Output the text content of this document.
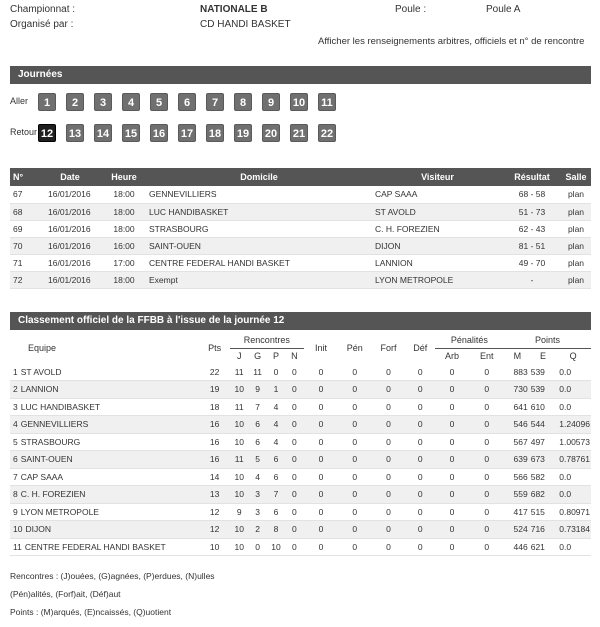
Championnat :	NATIONALE B	Poule :	Poule A
Organisé par :	CD HANDI BASKET
Afficher les renseignements arbitres, officiels et n° de rencontre
Journées
Aller	1	2	3	4	5	6	7	8	9	10 11
Retour 12 13 14 15 16 17 18 19 20 21 22
N°	Date	Heure	Domicile	Visiteur	Résultat	Salle
67	16/01/2016	18:00	GENNEVILLIERS	CAP SAAA	68 - 58	plan
68	16/01/2016	18:00	LUC HANDIBASKET	ST AVOLD	51 - 73	plan
69	16/01/2016	18:00	STRASBOURG	C. H. FOREZIEN	62 - 43	plan
70	16/01/2016	16:00	SAINT-OUEN	DIJON	81 - 51	plan
71	16/01/2016	17:00	CENTRE FEDERAL HANDI BASKET	LANNION	49 - 70	plan
72	16/01/2016	18:00	Exempt	LYON METROPOLE	-	plan
Classement officiel de la FFBB à l'issue de la journée 12
Equipe	Pts	Rencontres				Init	Pén	Forf	Déf	Pénalités		Points		
		J	G	P	N					Arb	Ent	M	E	Q
1 ST AVOLD	22	11	11	0	0	0	0	0	0	0	0	883	539	0.0
2 LANNION	19	10	9	1	0	0	0	0	0	0	0	730	539	0.0
3 LUC HANDIBASKET	18	11	7	4	0	0	0	0	0	0	0	641	610	0.0
4 GENNEVILLIERS	16	10	6	4	0	0	0	0	0	0	0	546	544	1.24096
5 STRASBOURG	16	10	6	4	0	0	0	0	0	0	0	567	497	1.00573
6 SAINT-OUEN	16	11	5	6	0	0	0	0	0	0	0	639	673	0.78761
7 CAP SAAA	14	10	4	6	0	0	0	0	0	0	0	566	582	0.0
8 C. H. FOREZIEN	13	10	3	7	0	0	0	0	0	0	0	559	682	0.0
9 LYON METROPOLE	12	9	3	6	0	0	0	0	0	0	0	417	515	0.80971
10 DIJON	12	10	2	8	0	0	0	0	0	0	0	524	716	0.73184
11 CENTRE FEDERAL HANDI BASKET	10	10	0	10	0	0	0	0	0	0	0	446	621	0.0
Rencontres : (J)ouées, (G)agnées, (P)erdues, (N)ulles
(Pén)alités, (Forf)ait, (Déf)aut
Points : (M)arqués, (E)ncaissés, (Q)uotient
